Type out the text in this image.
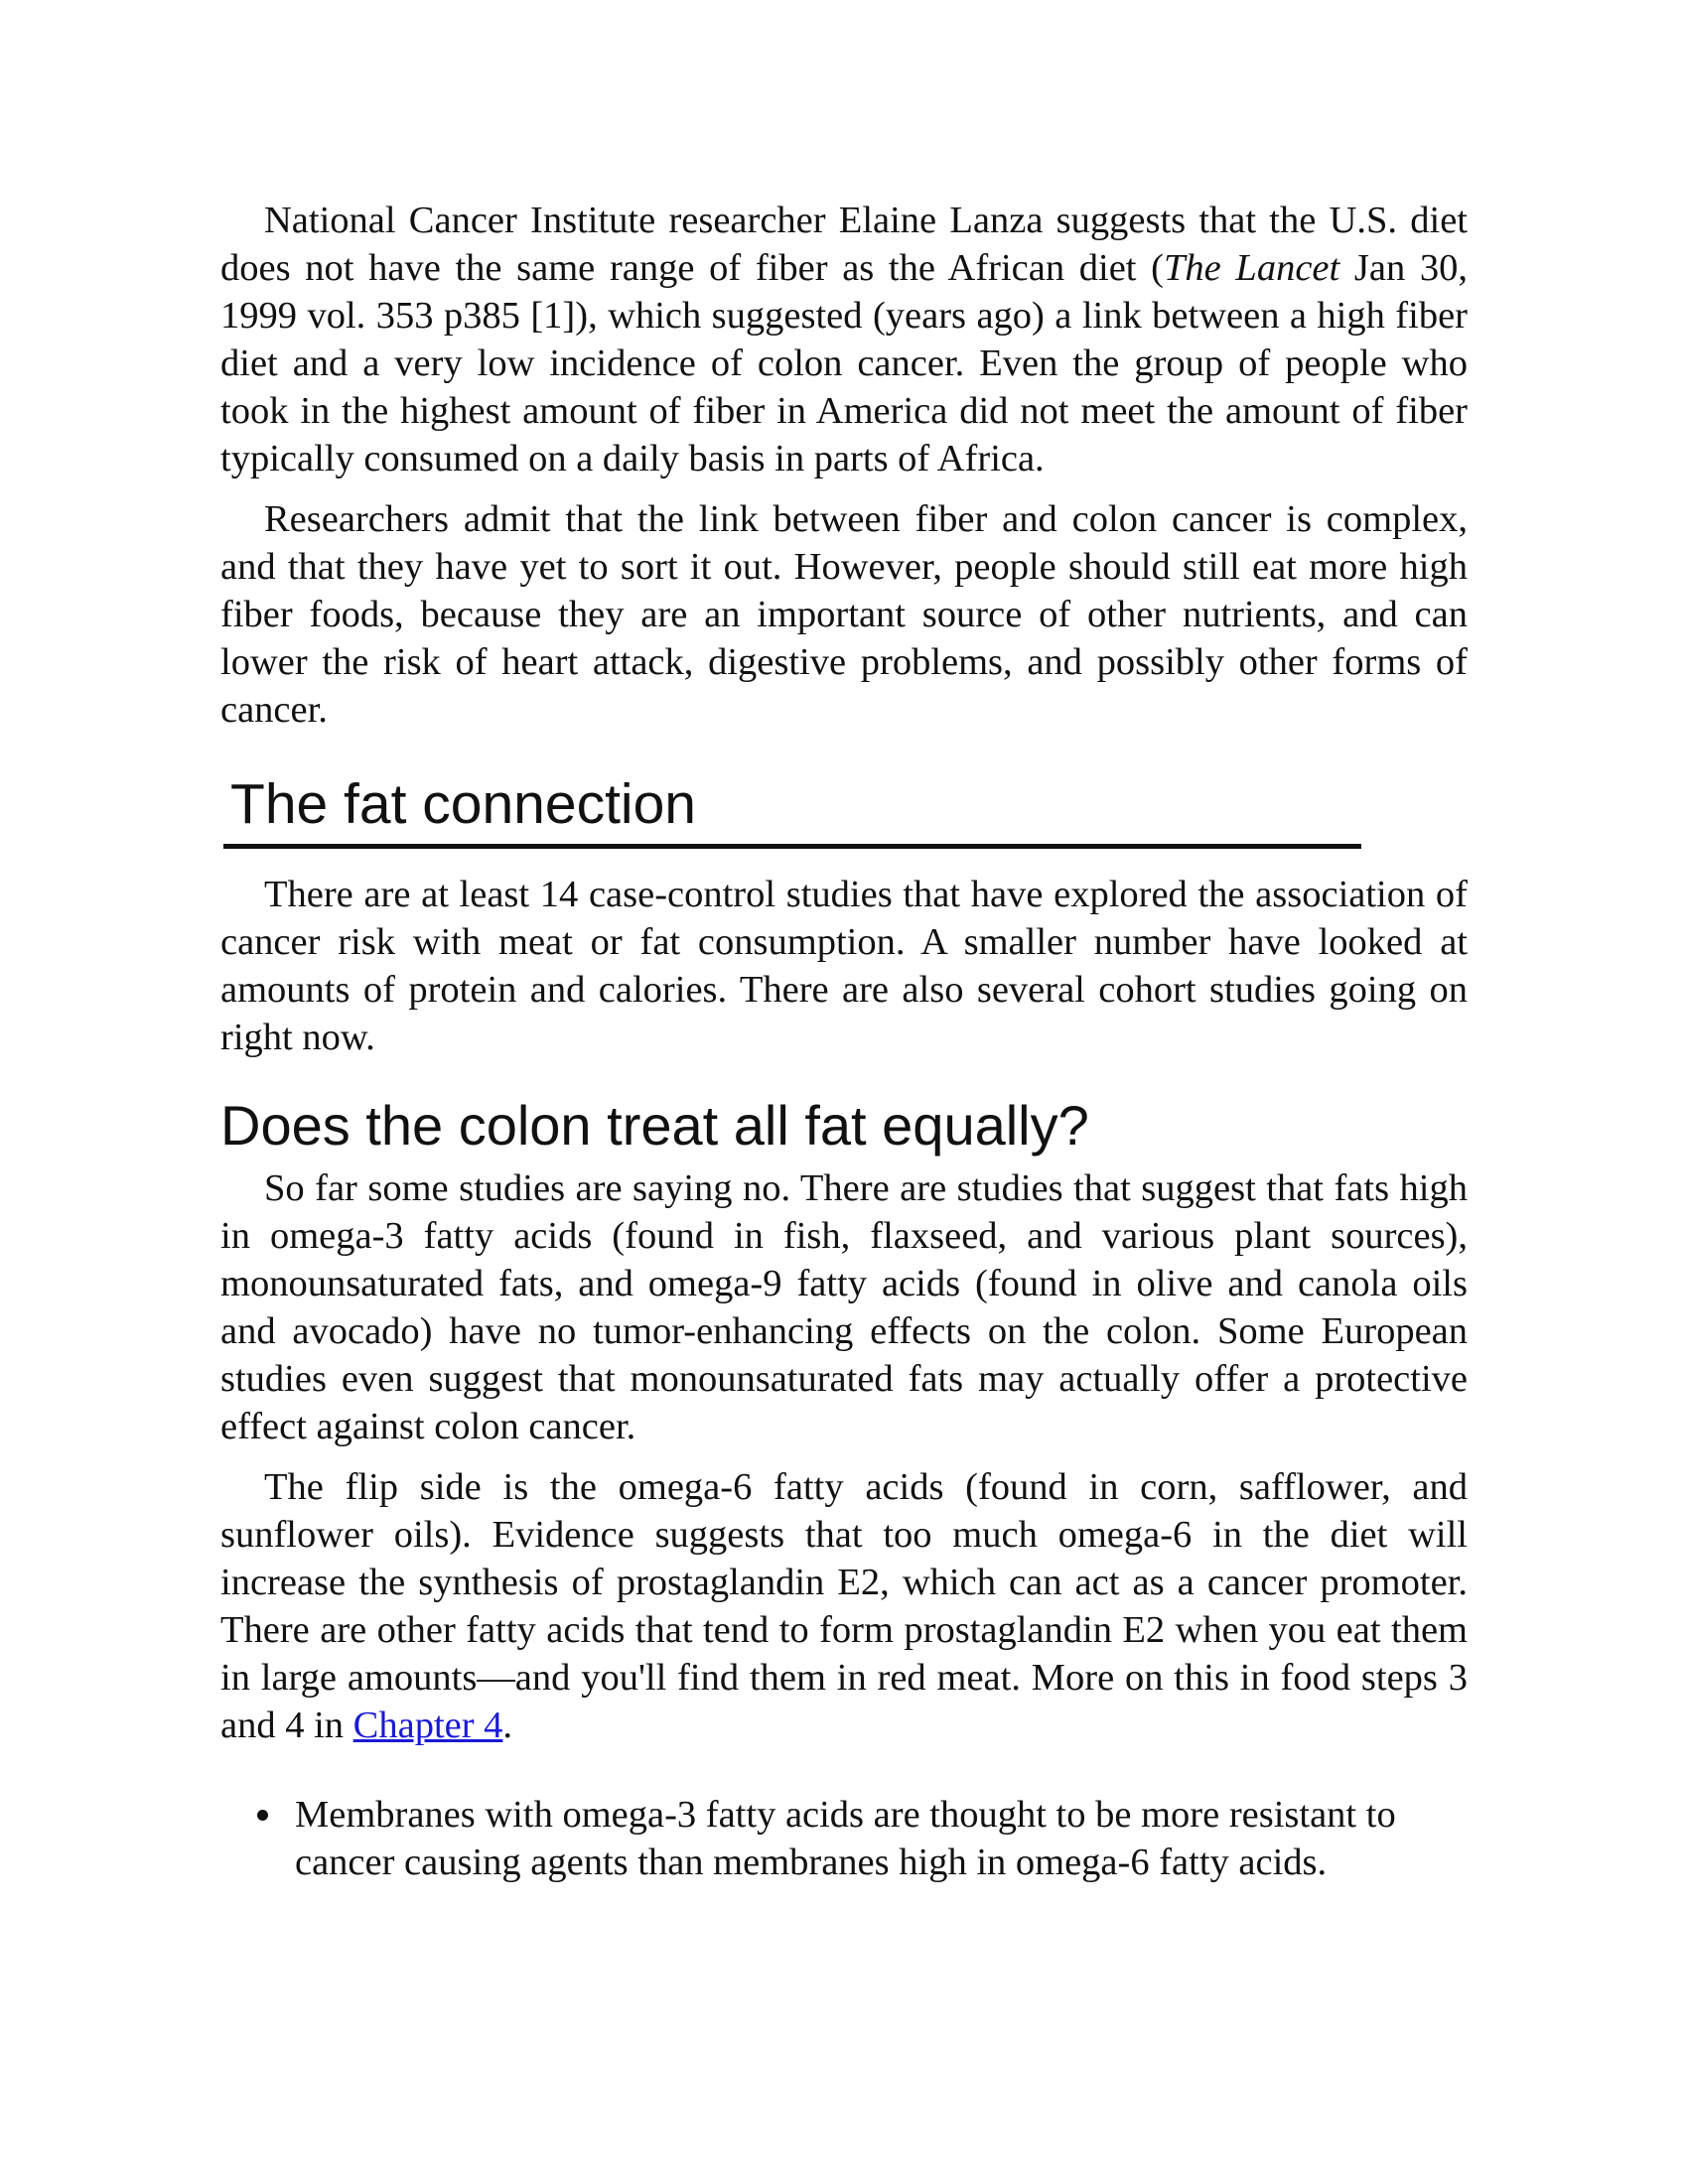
National Cancer Institute researcher Elaine Lanza suggests that the U.S. diet does not have the same range of fiber as the African diet (The Lancet Jan 30, 1999 vol. 353 p385 [1]), which suggested (years ago) a link between a high fiber diet and a very low incidence of colon cancer. Even the group of people who took in the highest amount of fiber in America did not meet the amount of fiber typically consumed on a daily basis in parts of Africa.

Researchers admit that the link between fiber and colon cancer is complex, and that they have yet to sort it out. However, people should still eat more high fiber foods, because they are an important source of other nutrients, and can lower the risk of heart attack, digestive problems, and possibly other forms of cancer.

The fat connection

There are at least 14 case-control studies that have explored the association of cancer risk with meat or fat consumption. A smaller number have looked at amounts of protein and calories. There are also several cohort studies going on right now.

Does the colon treat all fat equally?

So far some studies are saying no. There are studies that suggest that fats high in omega-3 fatty acids (found in fish, flaxseed, and various plant sources), monounsaturated fats, and omega-9 fatty acids (found in olive and canola oils and avocado) have no tumor-enhancing effects on the colon. Some European studies even suggest that monounsaturated fats may actually offer a protective effect against colon cancer.

The flip side is the omega-6 fatty acids (found in corn, safflower, and sunflower oils). Evidence suggests that too much omega-6 in the diet will increase the synthesis of prostaglandin E2, which can act as a cancer promoter. There are other fatty acids that tend to form prostaglandin E2 when you eat them in large amounts—and you'll find them in red meat. More on this in food steps 3 and 4 in Chapter 4.

Membranes with omega-3 fatty acids are thought to be more resistant to cancer causing agents than membranes high in omega-6 fatty acids.
